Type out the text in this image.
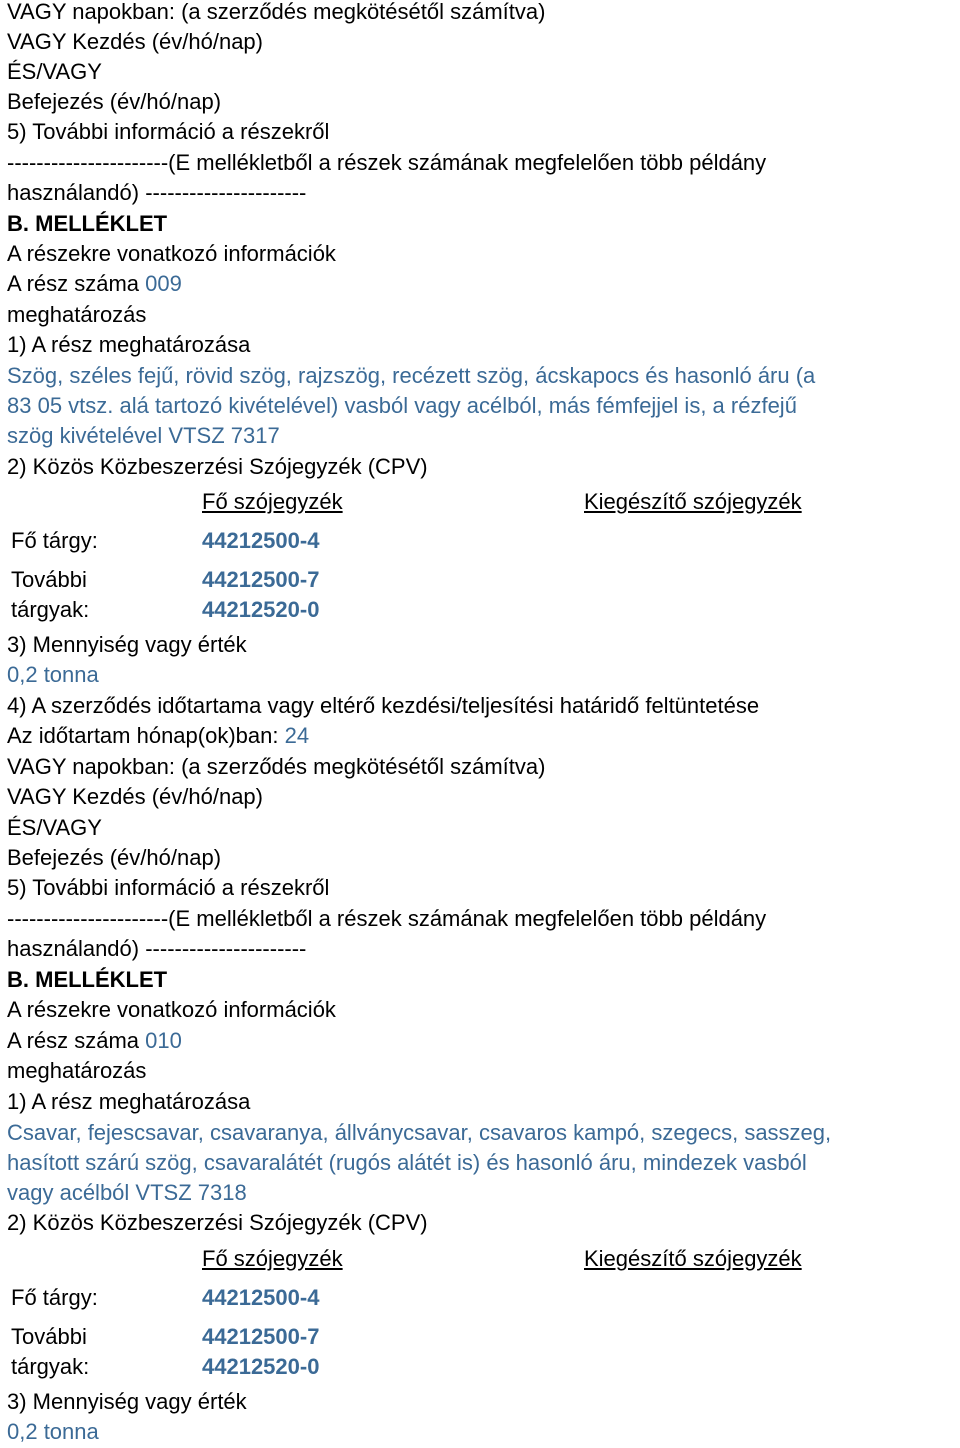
VAGY napokban: (a szerződés megkötésétől számítva)
VAGY Kezdés (év/hó/nap)
ÉS/VAGY
Befejezés (év/hó/nap)
5) További információ a részekről
----------------------(E mellékletből a részek számának megfelelően több példány
használandó) ----------------------
B. MELLÉKLET
A részekre vonatkozó információk
A rész száma 009
meghatározás
1) A rész meghatározása
Szög, széles fejű, rövid szög, rajzszög, recézett szög, ácskapocs és hasonló áru (a
83 05 vtsz. alá tartozó kivételével) vasból vagy acélból, más fémfejjel is, a rézfejű
szög kivételével VTSZ 7317
2) Közös Közbeszerzési Szójegyzék (CPV)
Fő szójegyzék	Kiegészítő szójegyzék
Fő tárgy:	44212500-4
További	44212500-7
tárgyak:	44212520-0
3) Mennyiség vagy érték
0,2 tonna
4) A szerződés időtartama vagy eltérő kezdési/teljesítési határidő feltüntetése
Az időtartam hónap(ok)ban: 24
VAGY napokban: (a szerződés megkötésétől számítva)
VAGY Kezdés (év/hó/nap)
ÉS/VAGY
Befejezés (év/hó/nap)
5) További információ a részekről
----------------------(E mellékletből a részek számának megfelelően több példány
használandó) ----------------------
B. MELLÉKLET
A részekre vonatkozó információk
A rész száma 010
meghatározás
1) A rész meghatározása
Csavar, fejescsavar, csavaranya, állványcsavar, csavaros kampó, szegecs, sasszeg,
hasított szárú szög, csavaralátét (rugós alátét is) és hasonló áru, mindezek vasból
vagy acélból VTSZ 7318
2) Közös Közbeszerzési Szójegyzék (CPV)
Fő szójegyzék	Kiegészítő szójegyzék
Fő tárgy:	44212500-4
További	44212500-7
tárgyak:	44212520-0
3) Mennyiség vagy érték
0,2 tonna
